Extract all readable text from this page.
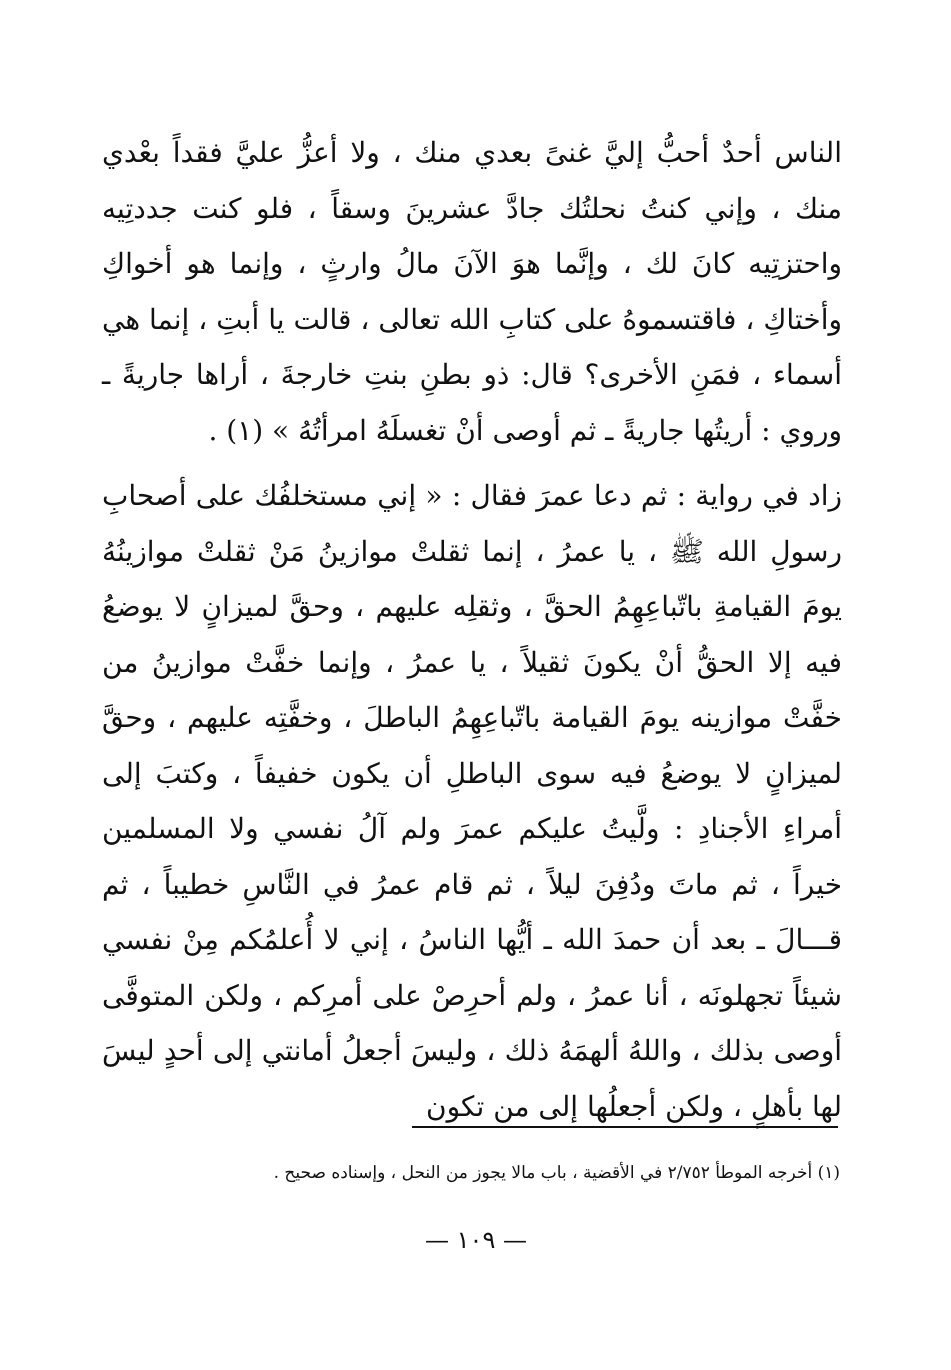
الناس أحدٌ أحبُّ إليَّ غنىً بعدي منك ، ولا أعزُّ عليَّ فقداً بعْدي منك ، وإني كنتُ نحلتُك جادَّ عشرينَ وسقاً ، فلو كنت جددتِيه واحتزتِيه كانَ لك ، وإنَّما هوَ الآنَ مالُ وارثٍ ، وإنما هو أخواكِ وأختاكِ ، فاقتسموهُ على كتابِ الله تعالى ، قالت يا أبتِ ، إنما هي أسماء ، فمَنِ الأخرى؟ قال: ذو بطنِ بنتِ خارجةَ ، أراها جاريةً ـ وروي : أريتُها جاريةً ـ ثم أوصى أنْ تغسلَهُ امرأتُهُ » (١) .

زاد في رواية : ثم دعا عمرَ فقال : « إني مستخلفُك على أصحابِ رسولِ الله ﷺ ، يا عمرُ ، إنما ثقلتْ موازينُ مَنْ ثقلتْ موازينُهُ يومَ القيامةِ باتّباعِهِمُ الحقَّ ، وثقلِه عليهم ، وحقَّ لميزانٍ لا يوضعُ فيه إلا الحقُّ أنْ يكونَ ثقيلاً ، يا عمرُ ، وإنما خفَّتْ موازينُ من خفَّتْ موازينه يومَ القيامة باتّباعِهِمُ الباطلَ ، وخفَّتِه عليهم ، وحقَّ لميزانٍ لا يوضعُ فيه سوى الباطلِ أن يكون خفيفاً ، وكتبَ إلى أمراءِ الأجنادِ : ولَّيتُ عليكم عمرَ ولم آلُ نفسي ولا المسلمين خيراً ، ثم ماتَ ودُفِنَ ليلاً ، ثم قام عمرُ في النَّاسِ خطيباً ، ثم قـــالَ ـ بعد أن حمدَ الله ـ أيُّها الناسُ ، إني لا أُعلمُكم مِنْ نفسي شيئاً تجهلونَه ، أنا عمرُ ، ولم أحرِصْ على أمرِكم ، ولكن المتوفَّى أوصى بذلك ، واللهُ ألهمَهُ ذلك ، وليسَ أجعلُ أمانتي إلى أحدٍ ليسَ لها بأهلٍ ، ولكن أجعلُها إلى من تكون

(١) أخرجه الموطأ ٢/٧٥٢ في الأقضية ، باب مالا يجوز من النحل ، وإسناده صحيح .
— ١٠٩ —
